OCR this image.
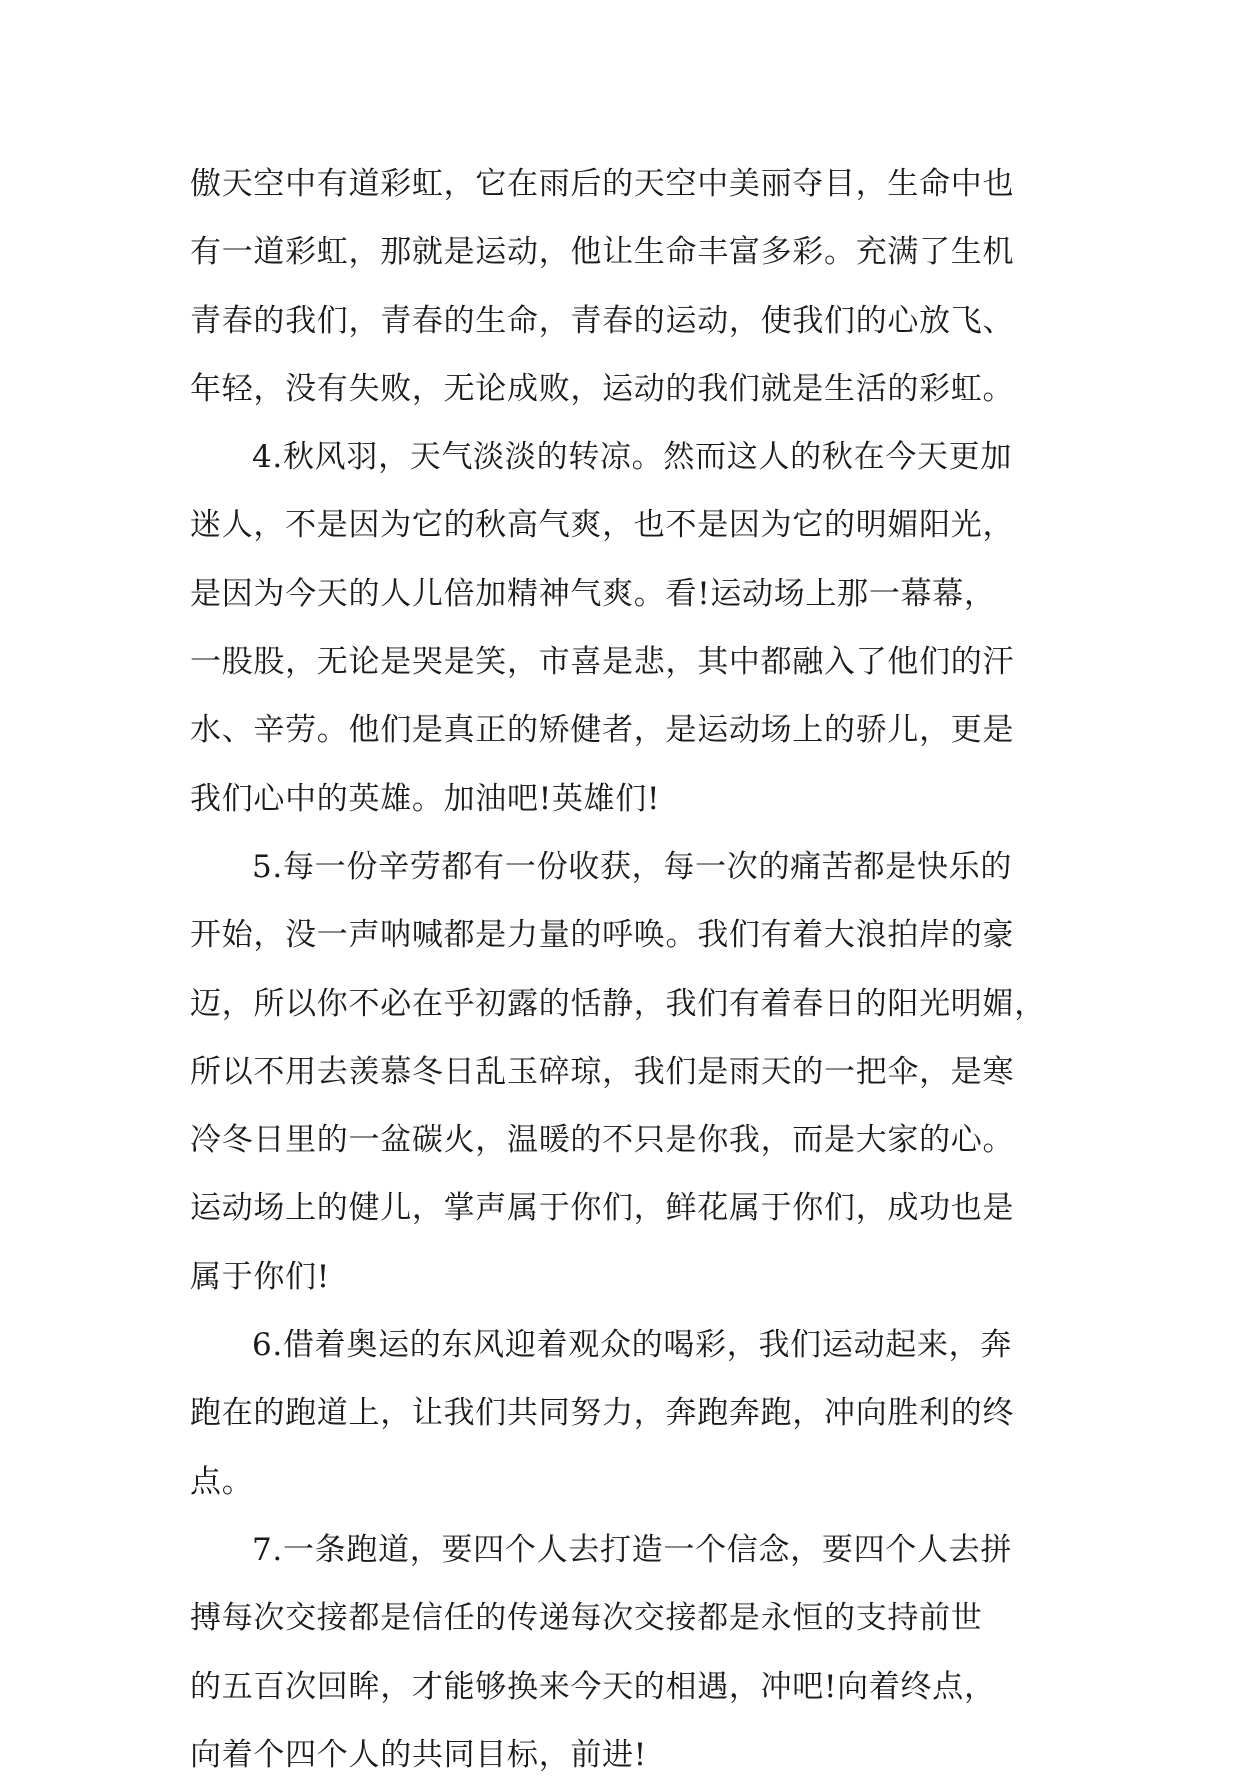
傲天空中有道彩虹，它在雨后的天空中美丽夺目，生命中也
有一道彩虹，那就是运动，他让生命丰富多彩。充满了生机
青春的我们，青春的生命，青春的运动，使我们的心放飞、
年轻，没有失败，无论成败，运动的我们就是生活的彩虹。
4.秋风羽，天气淡淡的转凉。然而这人的秋在今天更加
迷人，不是因为它的秋高气爽，也不是因为它的明媚阳光，
是因为今天的人儿倍加精神气爽。看!运动场上那一幕幕，
一股股，无论是哭是笑，市喜是悲，其中都融入了他们的汗
水、辛劳。他们是真正的矫健者，是运动场上的骄儿，更是
我们心中的英雄。加油吧!英雄们!
5.每一份辛劳都有一份收获，每一次的痛苦都是快乐的
开始，没一声呐喊都是力量的呼唤。我们有着大浪拍岸的豪
迈，所以你不必在乎初露的恬静，我们有着春日的阳光明媚，
所以不用去羡慕冬日乱玉碎琼，我们是雨天的一把伞，是寒
冷冬日里的一盆碳火，温暖的不只是你我，而是大家的心。
运动场上的健儿，掌声属于你们，鲜花属于你们，成功也是
属于你们!
6.借着奥运的东风迎着观众的喝彩，我们运动起来，奔
跑在的跑道上，让我们共同努力，奔跑奔跑，冲向胜利的终
点。
7.一条跑道，要四个人去打造一个信念，要四个人去拼
搏每次交接都是信任的传递每次交接都是永恒的支持前世
的五百次回眸，才能够换来今天的相遇，冲吧!向着终点，
向着个四个人的共同目标，前进!
